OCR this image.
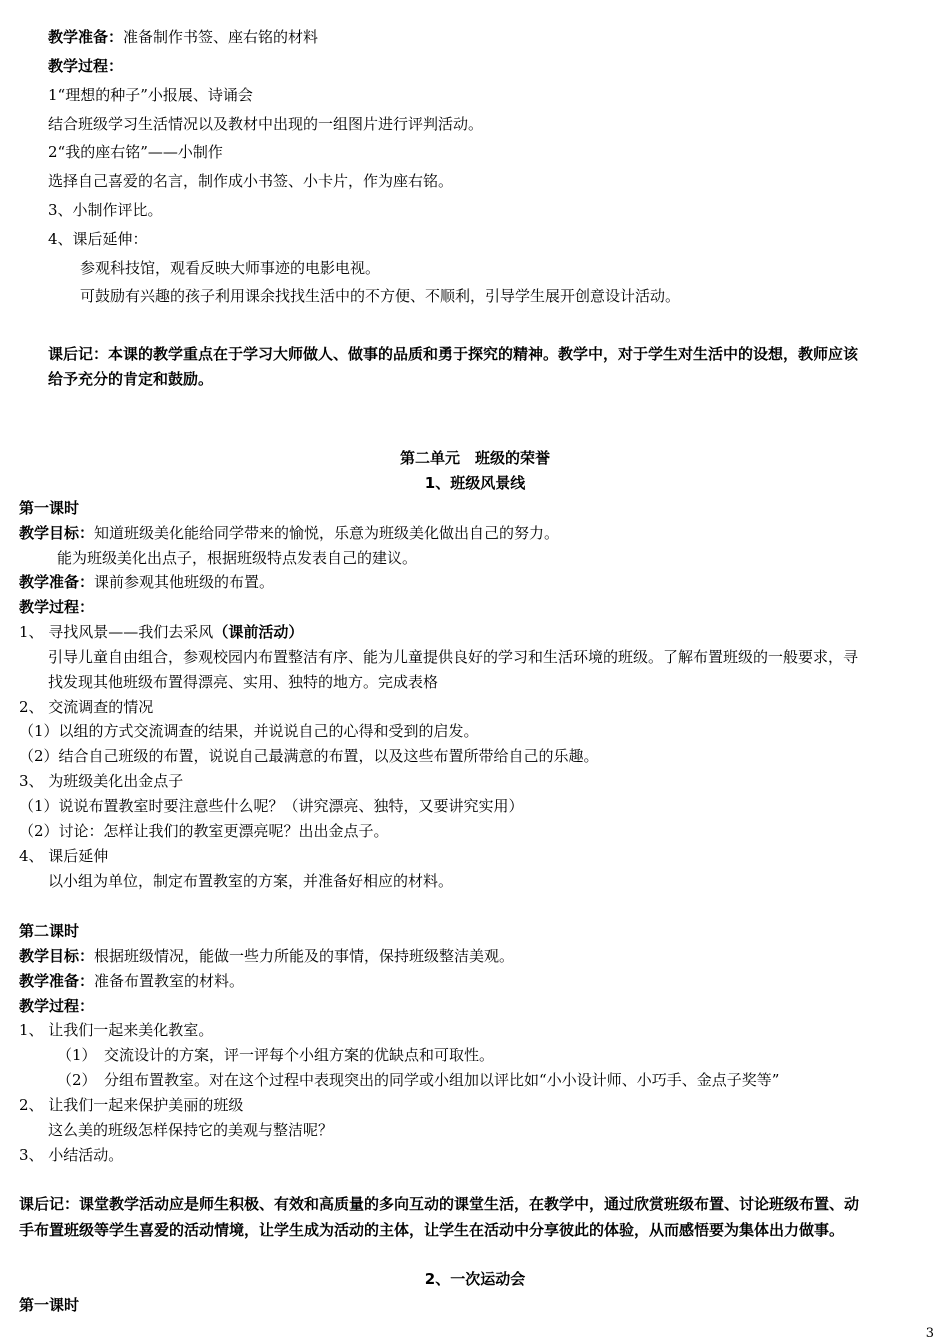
教学准备：准备制作书签、座右铭的材料
教学过程：
1“理想的种子”小报展、诗诵会
结合班级学习生活情况以及教材中出现的一组图片进行评判活动。
2“我的座右铭”——小制作
选择自己喜爱的名言，制作成小书签、小卡片，作为座右铭。
3、小制作评比。
4、课后延伸：
参观科技馆，观看反映大师事迹的电影电视。
可鼓励有兴趣的孩子利用课余找找生活中的不方便、不顺利，引导学生展开创意设计活动。
课后记：本课的教学重点在于学习大师做人、做事的品质和勇于探究的精神。教学中，对于学生对生活中的设想，教师应该
给予充分的肯定和鼓励。
第二单元　班级的荣誉
1、班级风景线
第一课时
教学目标：知道班级美化能给同学带来的愉悦，乐意为班级美化做出自己的努力。
能为班级美化出点子，根据班级特点发表自己的建议。
教学准备：课前参观其他班级的布置。
教学过程：
1、 寻找风景——我们去采风（课前活动）
引导儿童自由组合，参观校园内布置整洁有序、能为儿童提供良好的学习和生活环境的班级。了解布置班级的一般要求，寻
找发现其他班级布置得漂亮、实用、独特的地方。完成表格
2、 交流调查的情况
（1）以组的方式交流调查的结果，并说说自己的心得和受到的启发。
（2）结合自己班级的布置，说说自己最满意的布置，以及这些布置所带给自己的乐趣。
3、 为班级美化出金点子
（1）说说布置教室时要注意些什么呢？（讲究漂亮、独特，又要讲究实用）
（2）讨论：怎样让我们的教室更漂亮呢？出出金点子。
4、 课后延伸
以小组为单位，制定布置教室的方案，并准备好相应的材料。
第二课时
教学目标：根据班级情况，能做一些力所能及的事情，保持班级整洁美观。
教学准备：准备布置教室的材料。
教学过程：
1、 让我们一起来美化教室。
（1）　交流设计的方案，评一评每个小组方案的优缺点和可取性。
（2）　分组布置教室。对在这个过程中表现突出的同学或小组加以评比如“小小设计师、小巧手、金点子奖等”
2、 让我们一起来保护美丽的班级
这么美的班级怎样保持它的美观与整洁呢？
3、 小结活动。
课后记：课堂教学活动应是师生积极、有效和高质量的多向互动的课堂生活，在教学中，通过欣赏班级布置、讨论班级布置、动
手布置班级等学生喜爱的活动情境，让学生成为活动的主体，让学生在活动中分享彼此的体验，从而感悟要为集体出力做事。
2、一次运动会
第一课时
3
